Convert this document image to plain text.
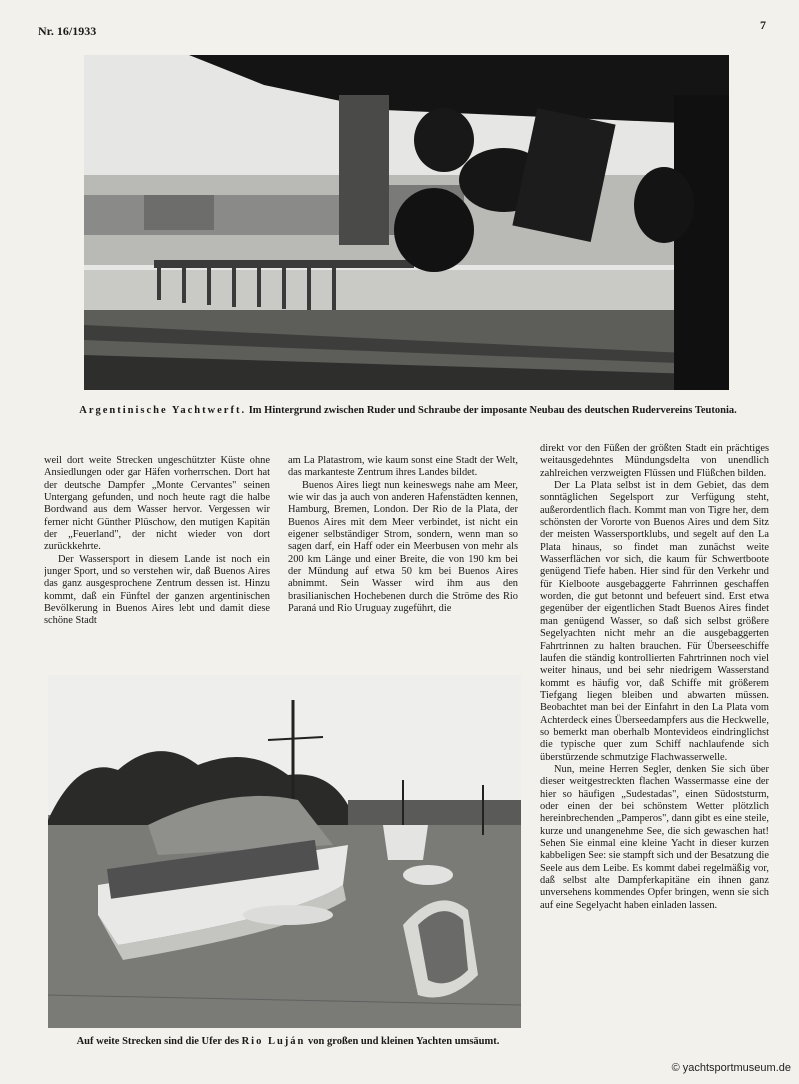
Nr. 16/1933	7
Argentinische Yachtwerft. Im Hintergrund zwischen Ruder und Schraube der imposante Neubau des deutschen Rudervereins Teutonia.

weil dort weite Strecken ungeschützter Küste ohne Ansiedlungen oder gar Häfen vorherrschen. Dort hat der deutsche Dampfer „Monte Cervantes" seinen Untergang gefunden, und noch heute ragt die halbe Bordwand aus dem Wasser hervor. Vergessen wir ferner nicht Günther Plüschow, den mutigen Kapitän der „Feuerland", der nicht wieder von dort zurückkehrte.

Der Wassersport in diesem Lande ist noch ein junger Sport, und so verstehen wir, daß Buenos Aires das ganz ausgesprochene Zentrum dessen ist. Hinzu kommt, daß ein Fünftel der ganzen argentinischen Bevölkerung in Buenos Aires lebt und damit diese schöne Stadt

am La Platastrom, wie kaum sonst eine Stadt der Welt, das markanteste Zentrum ihres Landes bildet.

Buenos Aires liegt nun keineswegs nahe am Meer, wie wir das ja auch von anderen Hafenstädten kennen, Hamburg, Bremen, London. Der Rio de la Plata, der Buenos Aires mit dem Meer verbindet, ist nicht ein eigener selbständiger Strom, sondern, wenn man so sagen darf, ein Haff oder ein Meerbusen von mehr als 200 km Länge und einer Breite, die von 190 km bei der Mündung auf etwa 50 km bei Buenos Aires abnimmt. Sein Wasser wird ihm aus den brasilianischen Hochebenen durch die Ströme des Rio Paraná und Rio Uruguay zugeführt, die

direkt vor den Füßen der größten Stadt ein prächtiges weitausgedehntes Mündungsdelta von unendlich zahlreichen verzweigten Flüssen und Flüßchen bilden.

Der La Plata selbst ist in dem Gebiet, das dem sonntäglichen Segelsport zur Verfügung steht, außerordentlich flach. Kommt man von Tigre her, dem schönsten der Vororte von Buenos Aires und dem Sitz der meisten Wassersportklubs, und segelt auf den La Plata hinaus, so findet man zunächst weite Wasserflächen vor sich, die kaum für Schwertboote genügend Tiefe haben. Hier sind für den Verkehr und für Kielboote ausgebaggerte Fahrrinnen geschaffen worden, die gut betonnt und befeuert sind. Erst etwa gegenüber der eigentlichen Stadt Buenos Aires findet man genügend Wasser, so daß sich selbst größere Segelyachten nicht mehr an die ausgebaggerten Fahrtrinnen zu halten brauchen. Für Überseeschiffe laufen die ständig kontrollierten Fahrtrinnen noch viel weiter hinaus, und bei sehr niedrigem Wasserstand kommt es häufig vor, daß Schiffe mit größerem Tiefgang liegen bleiben und abwarten müssen. Beobachtet man bei der Einfahrt in den La Plata vom Achterdeck eines Überseedampfers aus die Heckwelle, so bemerkt man oberhalb Montevideos eindringlichst die typische quer zum Schiff nachlaufende sich überstürzende schmutzige Flachwasserwelle.

Nun, meine Herren Segler, denken Sie sich über dieser weitgestreckten flachen Wassermasse eine der hier so häufigen „Sudestadas", einen Südoststurm, oder einen der bei schönstem Wetter plötzlich hereinbrechenden „Pamperos", dann gibt es eine steile, kurze und unangenehme See, die sich gewaschen hat! Sehen Sie einmal eine kleine Yacht in dieser kurzen kabbeligen See: sie stampft sich und der Besatzung die Seele aus dem Leibe. Es kommt dabei regelmäßig vor, daß selbst alte Dampferkapitäne ein ihnen ganz unversehens kommendes Opfer bringen, wenn sie sich auf eine Segelyacht haben einladen lassen.

Auf weite Strecken sind die Ufer des Rio Luján von großen und kleinen Yachten umsäumt.
© yachtsportmuseum.de
